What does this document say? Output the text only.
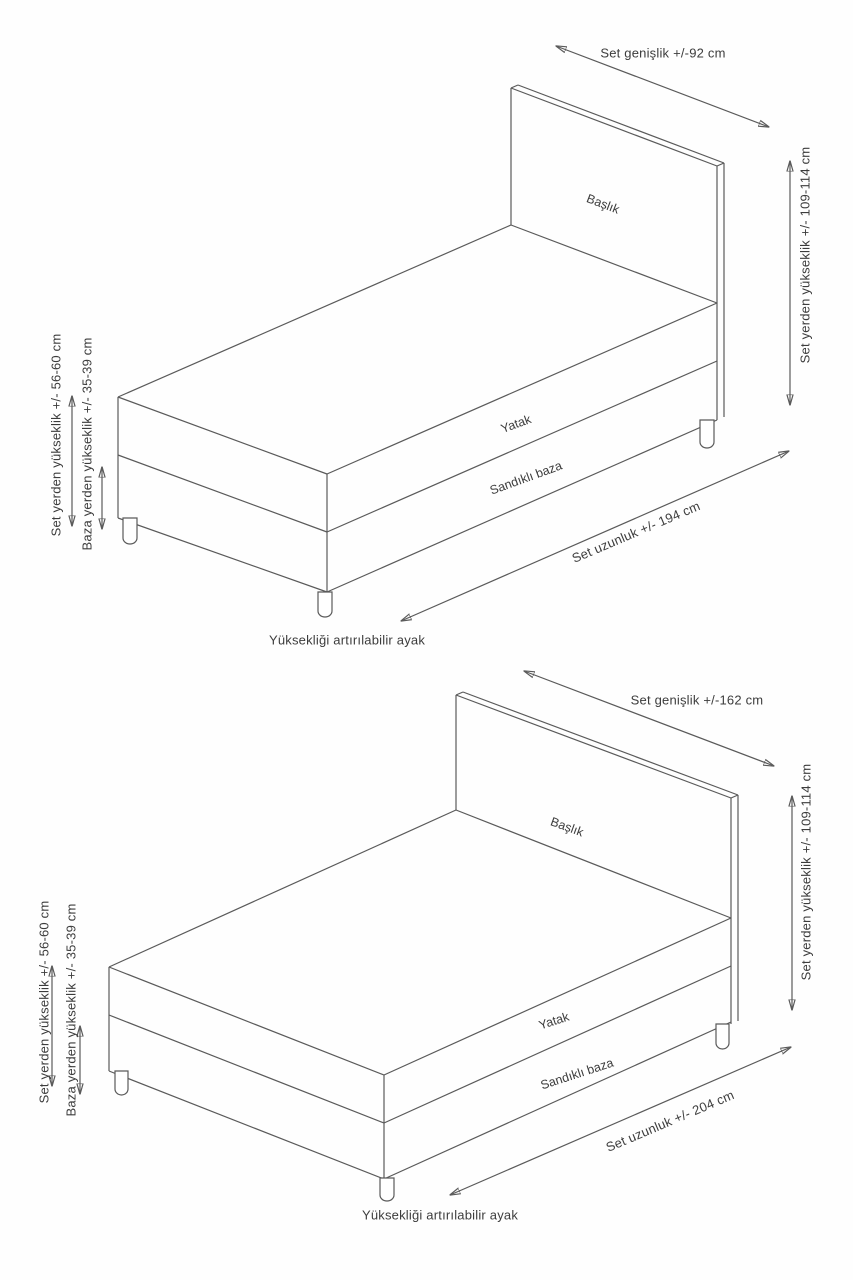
Set genişlik +/-92 cm
Set yerden yükseklik +/- 109-114 cm
Set yerden yükseklik +/- 56-60 cm Baza yerden yükseklik +/- 35-39 cm
Başlık
Yatak
Sandıklı baza
Set uzunluk +/- 194 cm
Yüksekliği artırılabilir ayak
Set genişlik +/-162 cm
Set yerden yükseklik +/- 109-114 cm
Set yerden yükseklik +/- 56-60 cm Baza yerden yükseklik +/- 35-39 cm
Başlık
Yatak
Sandıklı baza
Set uzunluk +/- 204 cm
Yüksekliği artırılabilir ayak
